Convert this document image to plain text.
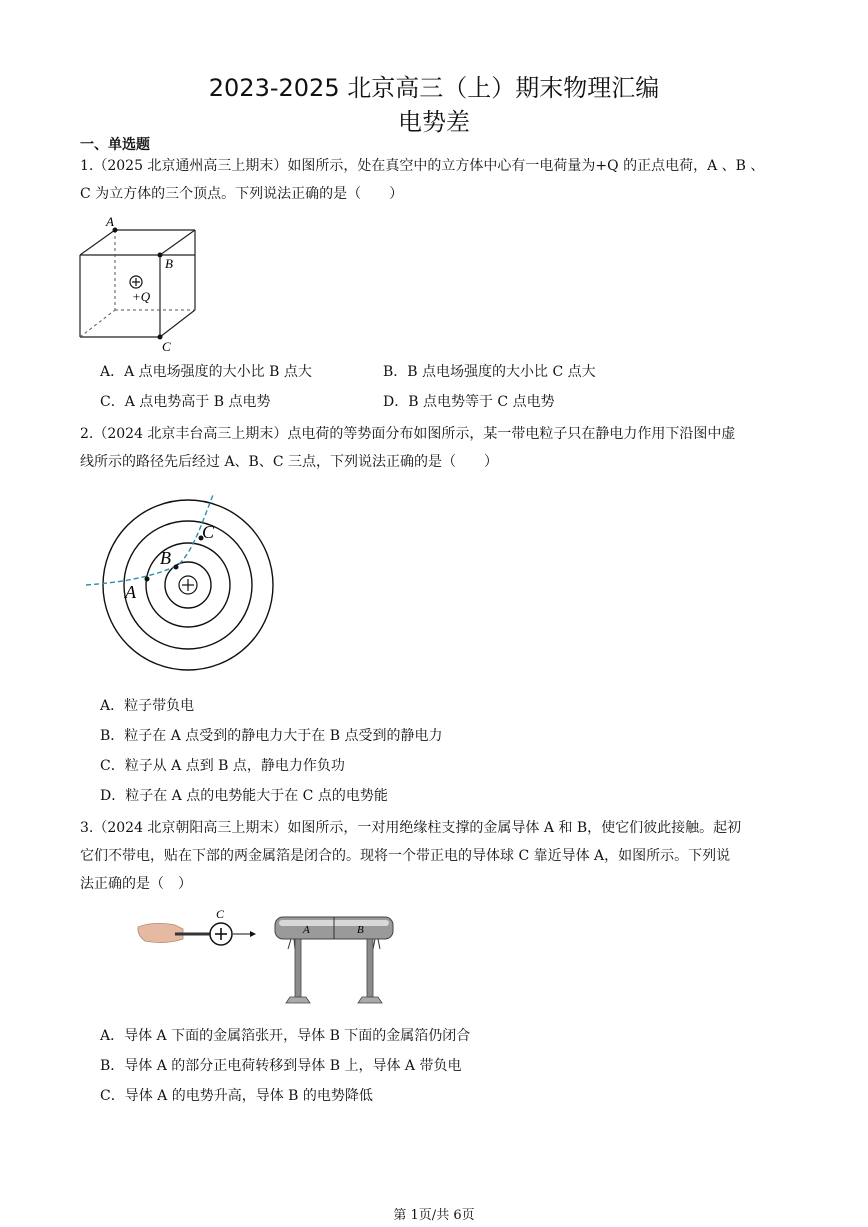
2023-2025 北京高三（上）期末物理汇编
电势差
一、单选题
1.（2025 北京通州高三上期末）如图所示，处在真空中的立方体中心有一电荷量为+Q 的正点电荷，A 、B 、
C 为立方体的三个顶点。下列说法正确的是（　　）
A
B
C
+Q
A．A 点电场强度的大小比 B 点大	B．B 点电场强度的大小比 C 点大
C．A 点电势高于 B 点电势	D．B 点电势等于 C 点电势
2.（2024 北京丰台高三上期末）点电荷的等势面分布如图所示，某一带电粒子只在静电力作用下沿图中虚
线所示的路径先后经过 A、B、C 三点，下列说法正确的是（　　）
A
B
C
A．粒子带负电
B．粒子在 A 点受到的静电力大于在 B 点受到的静电力
C．粒子从 A 点到 B 点，静电力作负功
D．粒子在 A 点的电势能大于在 C 点的电势能
3.（2024 北京朝阳高三上期末）如图所示，一对用绝缘柱支撑的金属导体 A 和 B，使它们彼此接触。起初
它们不带电，贴在下部的两金属箔是闭合的。现将一个带正电的导体球 C 靠近导体 A，如图所示。下列说
法正确的是（　）
C
A	B
A．导体 A 下面的金属箔张开，导体 B 下面的金属箔仍闭合
B．导体 A 的部分正电荷转移到导体 B 上，导体 A 带负电
C．导体 A 的电势升高，导体 B 的电势降低
第 1页/共 6页
